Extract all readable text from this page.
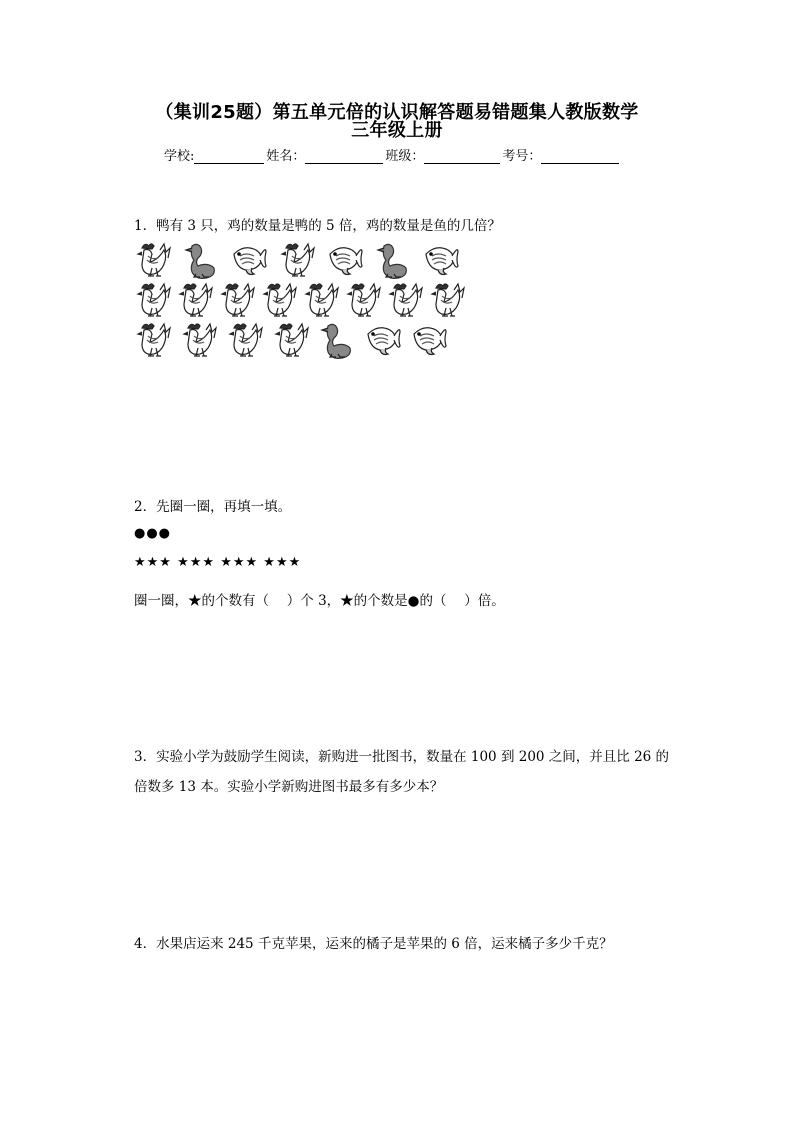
（集训25题）第五单元倍的认识解答题易错题集人教版数学
三年级上册
学校:	姓名：	班级：	考号：
1．鸭有 3 只，鸡的数量是鸭的 5 倍，鸡的数量是鱼的几倍？
2．先圈一圈，再填一填。
●●●
★★★ ★★★ ★★★ ★★★
圈一圈，★的个数有（　 ）个 3，★的个数是●的（　 ）倍。
3．实验小学为鼓励学生阅读，新购进一批图书，数量在 100 到 200 之间，并且比 26 的
倍数多 13 本。实验小学新购进图书最多有多少本？
4．水果店运来 245 千克苹果，运来的橘子是苹果的 6 倍，运来橘子多少千克？
